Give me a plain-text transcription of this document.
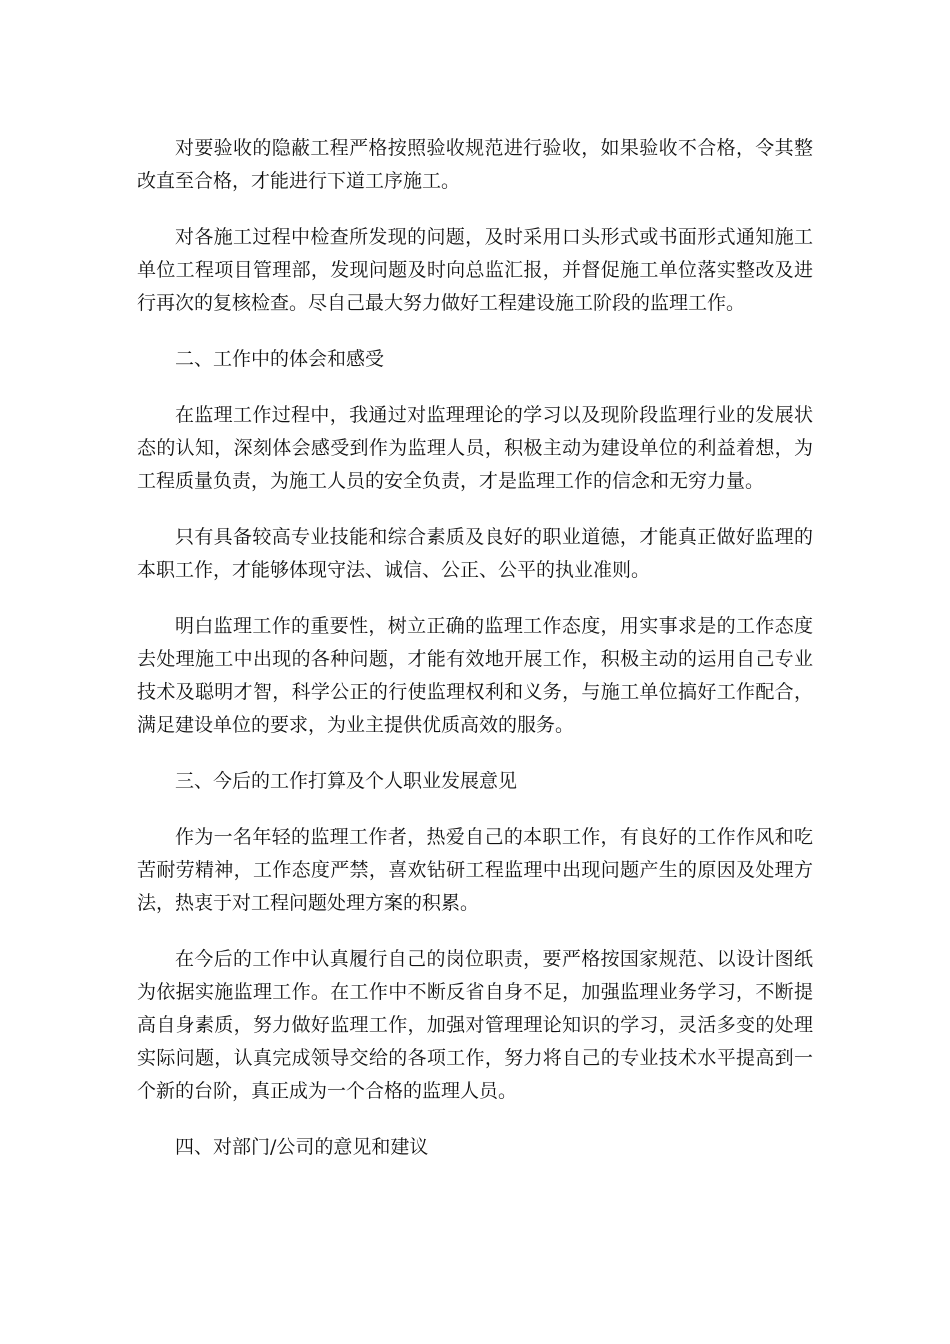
对要验收的隐蔽工程严格按照验收规范进行验收，如果验收不合格，令其整改直至合格，才能进行下道工序施工。

对各施工过程中检查所发现的问题，及时采用口头形式或书面形式通知施工单位工程项目管理部，发现问题及时向总监汇报，并督促施工单位落实整改及进行再次的复核检查。尽自己最大努力做好工程建设施工阶段的监理工作。

二、工作中的体会和感受

在监理工作过程中，我通过对监理理论的学习以及现阶段监理行业的发展状态的认知，深刻体会感受到作为监理人员，积极主动为建设单位的利益着想，为工程质量负责，为施工人员的安全负责，才是监理工作的信念和无穷力量。

只有具备较高专业技能和综合素质及良好的职业道德，才能真正做好监理的本职工作，才能够体现守法、诚信、公正、公平的执业准则。

明白监理工作的重要性，树立正确的监理工作态度，用实事求是的工作态度去处理施工中出现的各种问题，才能有效地开展工作，积极主动的运用自己专业技术及聪明才智，科学公正的行使监理权利和义务，与施工单位搞好工作配合，满足建设单位的要求，为业主提供优质高效的服务。

三、今后的工作打算及个人职业发展意见

作为一名年轻的监理工作者，热爱自己的本职工作，有良好的工作作风和吃苦耐劳精神，工作态度严禁，喜欢钻研工程监理中出现问题产生的原因及处理方法，热衷于对工程问题处理方案的积累。

在今后的工作中认真履行自己的岗位职责，要严格按国家规范、以设计图纸为依据实施监理工作。在工作中不断反省自身不足，加强监理业务学习，不断提高自身素质，努力做好监理工作，加强对管理理论知识的学习，灵活多变的处理实际问题，认真完成领导交给的各项工作，努力将自己的专业技术水平提高到一个新的台阶，真正成为一个合格的监理人员。

四、对部门/公司的意见和建议
